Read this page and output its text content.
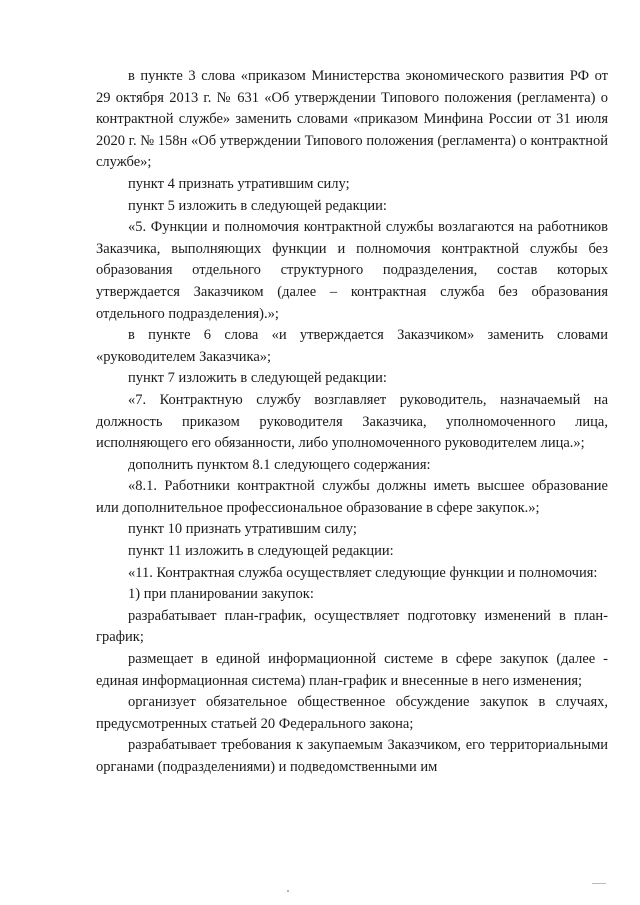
в пункте 3 слова «приказом Министерства экономического развития РФ от 29 октября 2013 г. № 631 «Об утверждении Типового положения (регламента) о контрактной службе» заменить словами «приказом Минфина России от 31 июля 2020 г. № 158н «Об утверждении Типового положения (регламента) о контрактной службе»;

пункт 4 признать утратившим силу;

пункт 5 изложить в следующей редакции:

«5. Функции и полномочия контрактной службы возлагаются на работников Заказчика, выполняющих функции и полномочия контрактной службы без образования отдельного структурного подразделения, состав которых утверждается Заказчиком (далее – контрактная служба без образования отдельного подразделения).»;

в пункте 6 слова «и утверждается Заказчиком» заменить словами «руководителем Заказчика»;

пункт 7 изложить в следующей редакции:

«7. Контрактную службу возглавляет руководитель, назначаемый на должность приказом руководителя Заказчика, уполномоченного лица, исполняющего его обязанности, либо уполномоченного руководителем лица.»;

дополнить пунктом 8.1 следующего содержания:

«8.1. Работники контрактной службы должны иметь высшее образование или дополнительное профессиональное образование в сфере закупок.»;

пункт 10 признать утратившим силу;

пункт 11 изложить в следующей редакции:

«11. Контрактная служба осуществляет следующие функции и полномочия:

1) при планировании закупок:

разрабатывает план-график, осуществляет подготовку изменений в план-график;

размещает в единой информационной системе в сфере закупок (далее - единая информационная система) план-график и внесенные в него изменения;

организует обязательное общественное обсуждение закупок в случаях, предусмотренных статьей 20 Федерального закона;

разрабатывает требования к закупаемым Заказчиком, его территориальными органами (подразделениями) и подведомственными им
